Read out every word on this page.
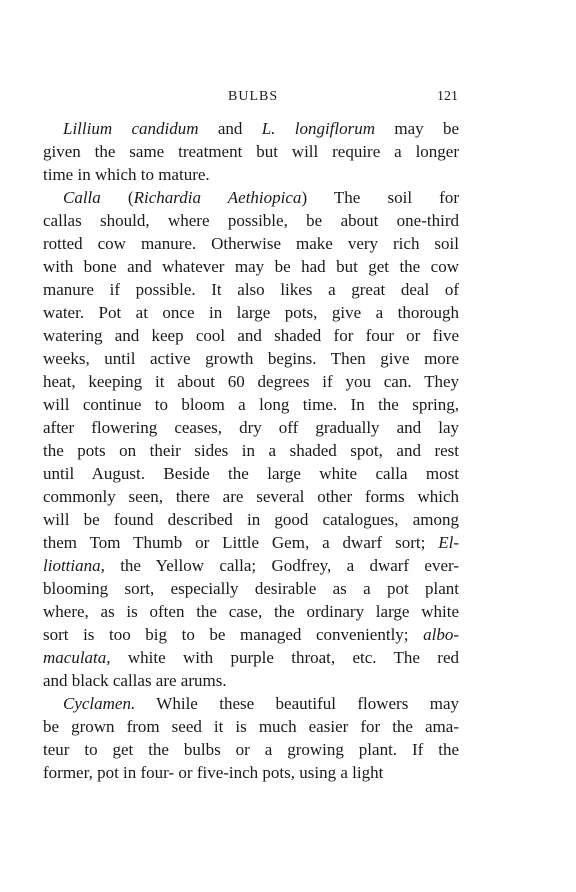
BULBS	121
Lillium candidum and L. longiflorum may be
given the same treatment but will require a longer
time in which to mature.
Calla (Richardia Aethiopica) The soil for
callas should, where possible, be about one-third
rotted cow manure. Otherwise make very rich soil
with bone and whatever may be had but get the cow
manure if possible. It also likes a great deal of
water. Pot at once in large pots, give a thorough
watering and keep cool and shaded for four or five
weeks, until active growth begins. Then give more
heat, keeping it about 60 degrees if you can. They
will continue to bloom a long time. In the spring,
after flowering ceases, dry off gradually and lay
the pots on their sides in a shaded spot, and rest
until August. Beside the large white calla most
commonly seen, there are several other forms which
will be found described in good catalogues, among
them Tom Thumb or Little Gem, a dwarf sort; El-
liottiana, the Yellow calla; Godfrey, a dwarf ever-
blooming sort, especially desirable as a pot plant
where, as is often the case, the ordinary large white
sort is too big to be managed conveniently; albo-
maculata, white with purple throat, etc. The red
and black callas are arums.
Cyclamen. While these beautiful flowers may
be grown from seed it is much easier for the ama-
teur to get the bulbs or a growing plant. If the
former, pot in four- or five-inch pots, using a light
